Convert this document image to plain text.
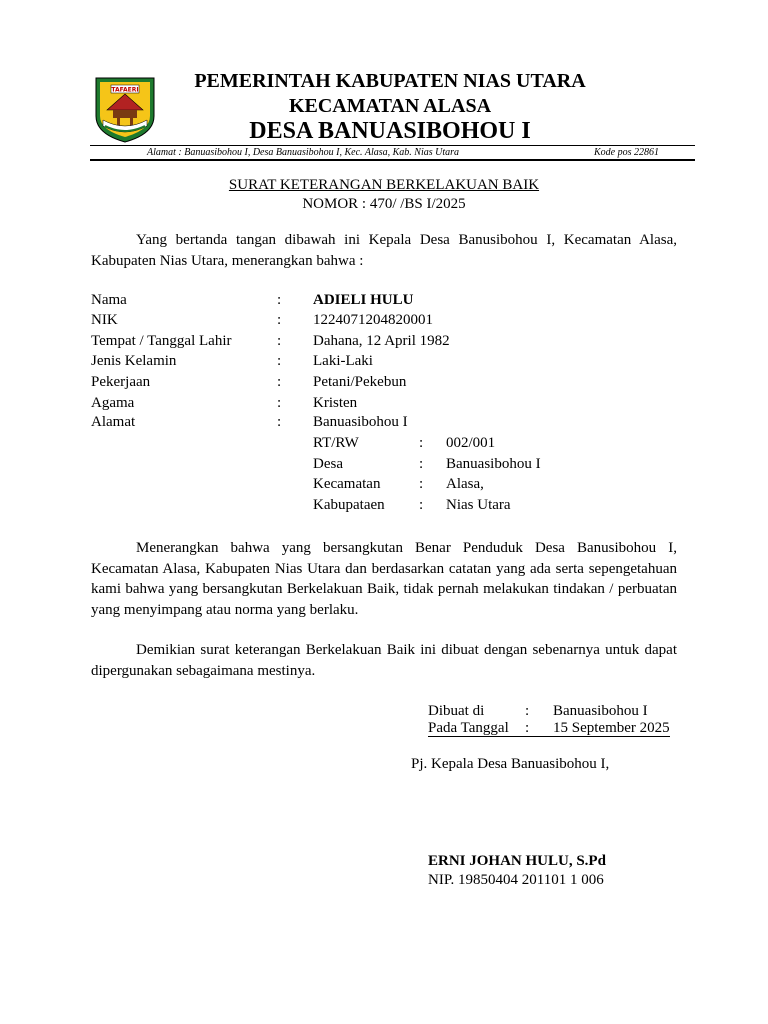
TAFAERI	PEMERINTAH KABUPATEN NIAS UTARA
KECAMATAN ALASA
DESA BANUASIBOHOU I
Alamat : Banuasibohou I, Desa Banuasibohou I, Kec. Alasa, Kab. Nias Utara	Kode pos 22861
SURAT KETERANGAN BERKELAKUAN BAIK
NOMOR : 470/ /BS I/2025
Yang bertanda tangan dibawah ini Kepala Desa Banusibohou I, Kecamatan Alasa, Kabupaten Nias Utara, menerangkan bahwa :
Nama	: ADIELI HULU
NIK	: 1224071204820001
Tempat / Tanggal Lahir	: Dahana, 12 April 1982
Jenis Kelamin	: Laki-Laki
Pekerjaan	: Petani/Pekebun
Agama	: Kristen
Alamat	: Banuasibohou I
RT/RW	: 002/001
Desa	: Banuasibohou I
Kecamatan	: Alasa,
Kabupataen : Nias Utara
Menerangkan bahwa yang bersangkutan Benar Penduduk Desa Banusibohou I, Kecamatan Alasa, Kabupaten Nias Utara dan berdasarkan catatan yang ada serta sepengetahuan kami bahwa yang bersangkutan Berkelakuan Baik, tidak pernah melakukan tindakan / perbuatan yang menyimpang atau norma yang berlaku.
Demikian surat keterangan Berkelakuan Baik ini dibuat dengan sebenarnya untuk dapat dipergunakan sebagaimana mestinya.
Dibuat di	: Banuasibohou I
Pada Tanggal : 15 September 2025
Pj. Kepala Desa Banuasibohou I,
ERNI JOHAN HULU, S.Pd
NIP. 19850404 201101 1 006
